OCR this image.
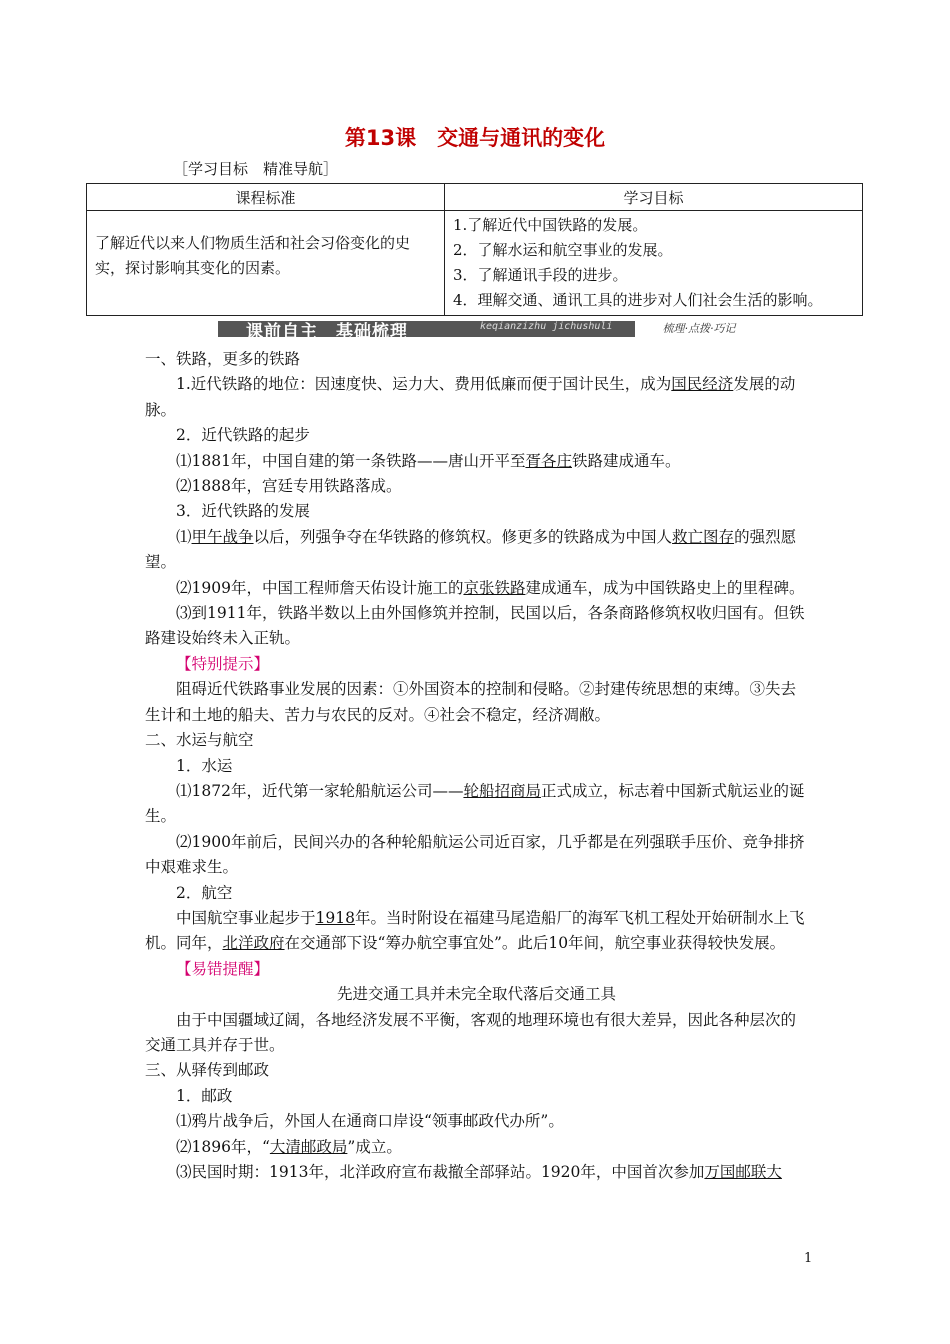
第13课　交通与通讯的变化
［学习目标　精准导航］
课程标准	学习目标
了解近代以来人们物质生活和社会习俗变化的史实，探讨影响其变化的因素。	1.了解近代中国铁路的发展。
2．了解水运和航空事业的发展。
3．了解通讯手段的进步。
4．理解交通、通讯工具的进步对人们社会生活的影响。
课前自主　基础梳理	keqianzizhu jichushuli	梳理·点拨·巧记

一、铁路，更多的铁路

1.近代铁路的地位：因速度快、运力大、费用低廉而便于国计民生，成为国民经济发展的动脉。

2．近代铁路的起步

⑴1881年，中国自建的第一条铁路——唐山开平至胥各庄铁路建成通车。

⑵1888年，宫廷专用铁路落成。

3．近代铁路的发展

⑴甲午战争以后，列强争夺在华铁路的修筑权。修更多的铁路成为中国人救亡图存的强烈愿望。

⑵1909年，中国工程师詹天佑设计施工的京张铁路建成通车，成为中国铁路史上的里程碑。

⑶到1911年，铁路半数以上由外国修筑并控制，民国以后，各条商路修筑权收归国有。但铁路建设始终未入正轨。

【特别提示】

阻碍近代铁路事业发展的因素：①外国资本的控制和侵略。②封建传统思想的束缚。③失去生计和土地的船夫、苦力与农民的反对。④社会不稳定，经济凋敝。

二、水运与航空

1．水运

⑴1872年，近代第一家轮船航运公司——轮船招商局正式成立，标志着中国新式航运业的诞生。

⑵1900年前后，民间兴办的各种轮船航运公司近百家，几乎都是在列强联手压价、竞争排挤中艰难求生。

2．航空

中国航空事业起步于1918年。当时附设在福建马尾造船厂的海军飞机工程处开始研制水上飞机。同年，北洋政府在交通部下设“筹办航空事宜处”。此后10年间，航空事业获得较快发展。

【易错提醒】

先进交通工具并未完全取代落后交通工具

由于中国疆域辽阔，各地经济发展不平衡，客观的地理环境也有很大差异，因此各种层次的交通工具并存于世。

三、从驿传到邮政

1．邮政

⑴鸦片战争后，外国人在通商口岸设“领事邮政代办所”。

⑵1896年，“大清邮政局”成立。

⑶民国时期：1913年，北洋政府宣布裁撤全部驿站。1920年，中国首次参加万国邮联大

1
